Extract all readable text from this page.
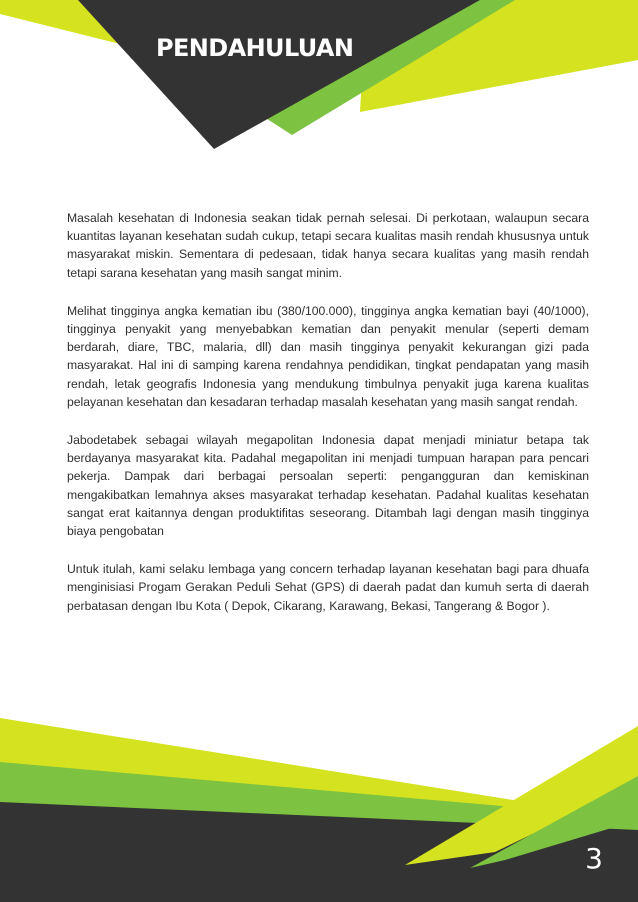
PENDAHULUAN

Masalah kesehatan di Indonesia seakan tidak pernah selesai. Di perkotaan, walaupun secara kuantitas layanan kesehatan sudah cukup, tetapi secara kualitas masih rendah khususnya untuk masyarakat miskin. Sementara di pedesaan, tidak hanya secara kualitas yang masih rendah tetapi sarana kesehatan yang masih sangat minim.

Melihat tingginya angka kematian ibu (380/100.000), tingginya angka kematian bayi (40/1000), tingginya penyakit yang menyebabkan kematian dan penyakit menular (seperti demam berdarah, diare, TBC, malaria, dll) dan masih tingginya penyakit kekurangan gizi pada masyarakat. Hal ini di samping karena rendahnya pendidikan, tingkat pendapatan yang masih rendah, letak geografis Indonesia yang mendukung timbulnya penyakit juga karena kualitas pelayanan kesehatan dan kesadaran terhadap masalah kesehatan yang masih sangat rendah.

Jabodetabek sebagai wilayah megapolitan Indonesia dapat menjadi miniatur betapa tak berdayanya masyarakat kita. Padahal megapolitan ini menjadi tumpuan harapan para pencari pekerja. Dampak dari berbagai persoalan seperti: pengangguran dan kemiskinan mengakibatkan lemahnya akses masyarakat terhadap kesehatan. Padahal kualitas kesehatan sangat erat kaitannya dengan produktifitas seseorang. Ditambah lagi dengan masih tingginya biaya pengobatan

Untuk itulah, kami selaku lembaga yang concern terhadap layanan kesehatan bagi para dhuafa menginisiasi Progam Gerakan Peduli Sehat (GPS) di daerah padat dan kumuh serta di daerah perbatasan dengan Ibu Kota ( Depok, Cikarang, Karawang, Bekasi, Tangerang & Bogor ).

3
